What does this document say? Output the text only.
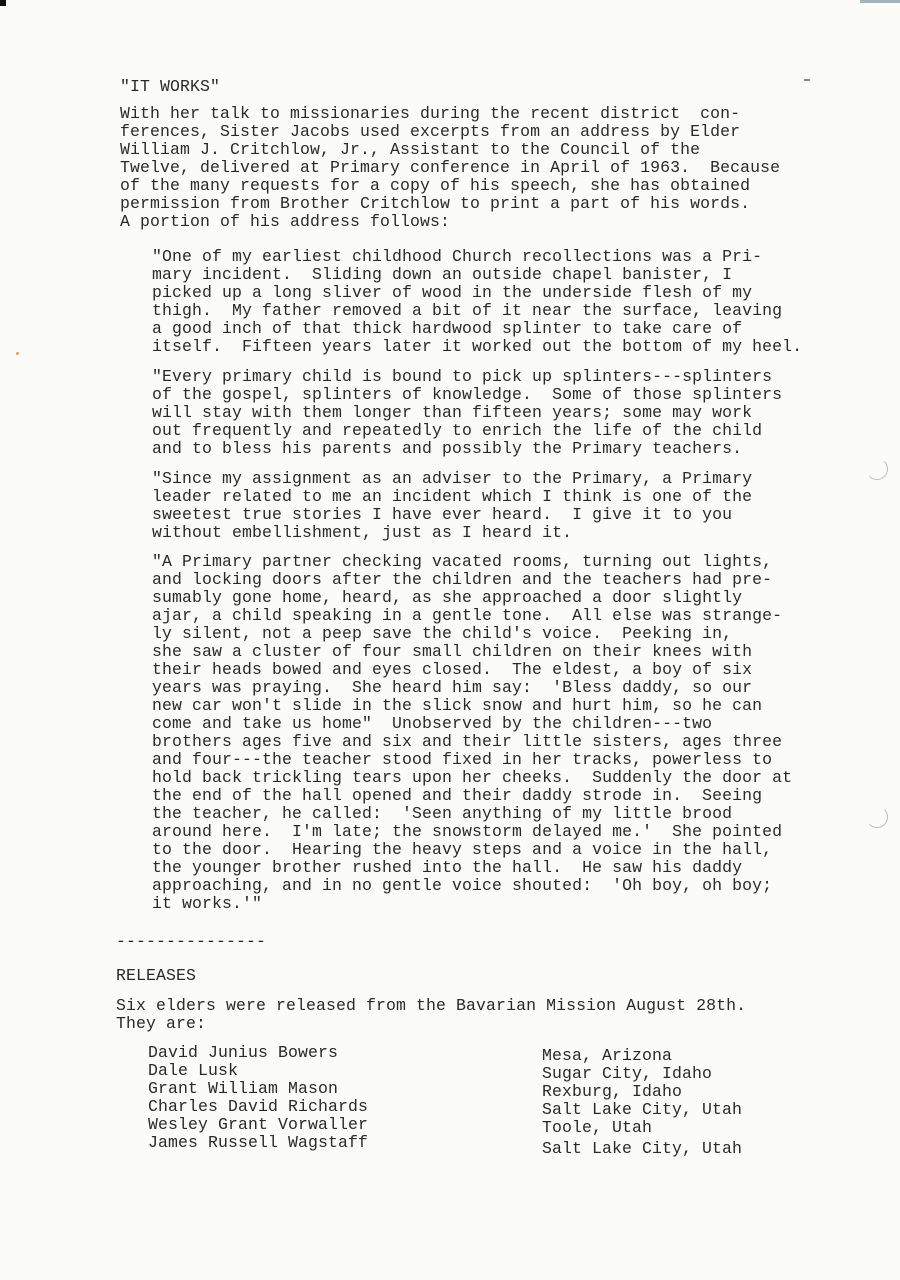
"IT WORKS"
With her talk to missionaries during the recent district  con-
ferences, Sister Jacobs used excerpts from an address by Elder
William J. Critchlow, Jr., Assistant to the Council of the
Twelve, delivered at Primary conference in April of 1963.  Because
of the many requests for a copy of his speech, she has obtained
permission from Brother Critchlow to print a part of his words.
A portion of his address follows:
"One of my earliest childhood Church recollections was a Pri-
mary incident.  Sliding down an outside chapel banister, I
picked up a long sliver of wood in the underside flesh of my
thigh.  My father removed a bit of it near the surface, leaving
a good inch of that thick hardwood splinter to take care of
itself.  Fifteen years later it worked out the bottom of my heel.
"Every primary child is bound to pick up splinters---splinters
of the gospel, splinters of knowledge.  Some of those splinters
will stay with them longer than fifteen years; some may work
out frequently and repeatedly to enrich the life of the child
and to bless his parents and possibly the Primary teachers.
"Since my assignment as an adviser to the Primary, a Primary
leader related to me an incident which I think is one of the
sweetest true stories I have ever heard.  I give it to you
without embellishment, just as I heard it.
"A Primary partner checking vacated rooms, turning out lights,
and locking doors after the children and the teachers had pre-
sumably gone home, heard, as she approached a door slightly
ajar, a child speaking in a gentle tone.  All else was strange-
ly silent, not a peep save the child's voice.  Peeking in,
she saw a cluster of four small children on their knees with
their heads bowed and eyes closed.  The eldest, a boy of six
years was praying.  She heard him say:  'Bless daddy, so our
new car won't slide in the slick snow and hurt him, so he can
come and take us home"  Unobserved by the children---two
brothers ages five and six and their little sisters, ages three
and four---the teacher stood fixed in her tracks, powerless to
hold back trickling tears upon her cheeks.  Suddenly the door at
the end of the hall opened and their daddy strode in.  Seeing
the teacher, he called:  'Seen anything of my little brood
around here.  I'm late; the snowstorm delayed me.'  She pointed
to the door.  Hearing the heavy steps and a voice in the hall,
the younger brother rushed into the hall.  He saw his daddy
approaching, and in no gentle voice shouted:  'Oh boy, oh boy;
it works.'"
---------------
RELEASES
Six elders were released from the Bavarian Mission August 28th.
They are:
David Junius Bowers
Dale Lusk
Grant William Mason
Charles David Richards
Wesley Grant Vorwaller
James Russell Wagstaff
Mesa, Arizona
Sugar City, Idaho
Rexburg, Idaho
Salt Lake City, Utah
Toole, Utah
Salt Lake City, Utah
